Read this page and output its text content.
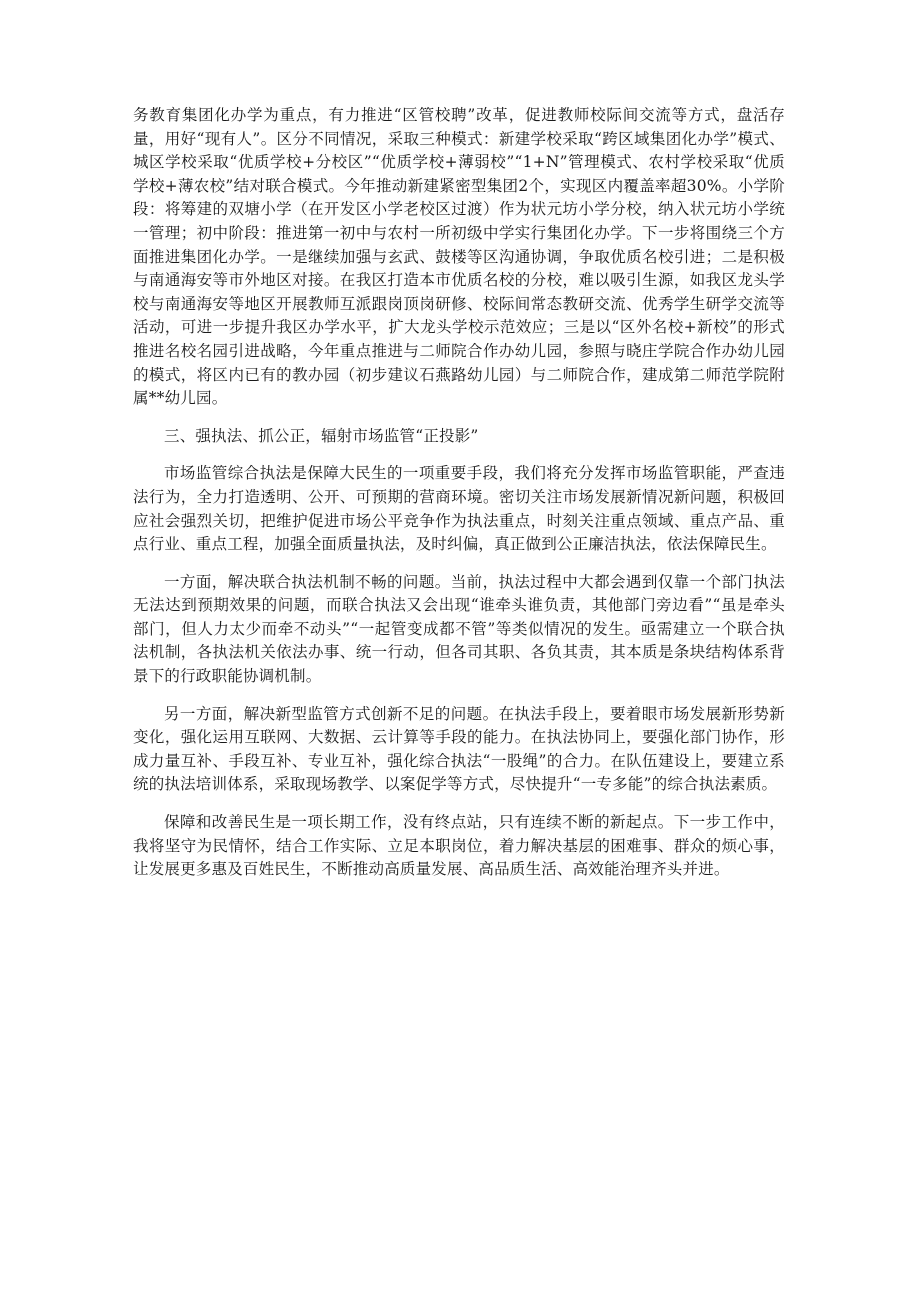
务教育集团化办学为重点，有力推进“区管校聘”改革，促进教师校际间交流等方式，盘活存量，用好“现有人”。区分不同情况，采取三种模式：新建学校采取“跨区域集团化办学”模式、城区学校采取“优质学校+分校区”“优质学校+薄弱校”“1+N”管理模式、农村学校采取“优质学校+薄农校”结对联合模式。今年推动新建紧密型集团2个，实现区内覆盖率超30%。小学阶段：将筹建的双塘小学（在开发区小学老校区过渡）作为状元坊小学分校，纳入状元坊小学统一管理；初中阶段：推进第一初中与农村一所初级中学实行集团化办学。下一步将围绕三个方面推进集团化办学。一是继续加强与玄武、鼓楼等区沟通协调，争取优质名校引进；二是积极与南通海安等市外地区对接。在我区打造本市优质名校的分校，难以吸引生源，如我区龙头学校与南通海安等地区开展教师互派跟岗顶岗研修、校际间常态教研交流、优秀学生研学交流等活动，可进一步提升我区办学水平，扩大龙头学校示范效应；三是以“区外名校+新校”的形式推进名校名园引进战略，今年重点推进与二师院合作办幼儿园，参照与晓庄学院合作办幼儿园的模式，将区内已有的教办园（初步建议石燕路幼儿园）与二师院合作，建成第二师范学院附属**幼儿园。

三、强执法、抓公正，辐射市场监管“正投影”

市场监管综合执法是保障大民生的一项重要手段，我们将充分发挥市场监管职能，严查违法行为，全力打造透明、公开、可预期的营商环境。密切关注市场发展新情况新问题，积极回应社会强烈关切，把维护促进市场公平竞争作为执法重点，时刻关注重点领域、重点产品、重点行业、重点工程，加强全面质量执法，及时纠偏，真正做到公正廉洁执法，依法保障民生。

一方面，解决联合执法机制不畅的问题。当前，执法过程中大都会遇到仅靠一个部门执法无法达到预期效果的问题，而联合执法又会出现“谁牵头谁负责，其他部门旁边看”“虽是牵头部门，但人力太少而牵不动头”“一起管变成都不管”等类似情况的发生。亟需建立一个联合执法机制，各执法机关依法办事、统一行动，但各司其职、各负其责，其本质是条块结构体系背景下的行政职能协调机制。

另一方面，解决新型监管方式创新不足的问题。在执法手段上，要着眼市场发展新形势新变化，强化运用互联网、大数据、云计算等手段的能力。在执法协同上，要强化部门协作，形成力量互补、手段互补、专业互补，强化综合执法“一股绳”的合力。在队伍建设上，要建立系统的执法培训体系，采取现场教学、以案促学等方式，尽快提升“一专多能”的综合执法素质。

保障和改善民生是一项长期工作，没有终点站，只有连续不断的新起点。下一步工作中，我将坚守为民情怀，结合工作实际、立足本职岗位，着力解决基层的困难事、群众的烦心事，让发展更多惠及百姓民生，不断推动高质量发展、高品质生活、高效能治理齐头并进。
